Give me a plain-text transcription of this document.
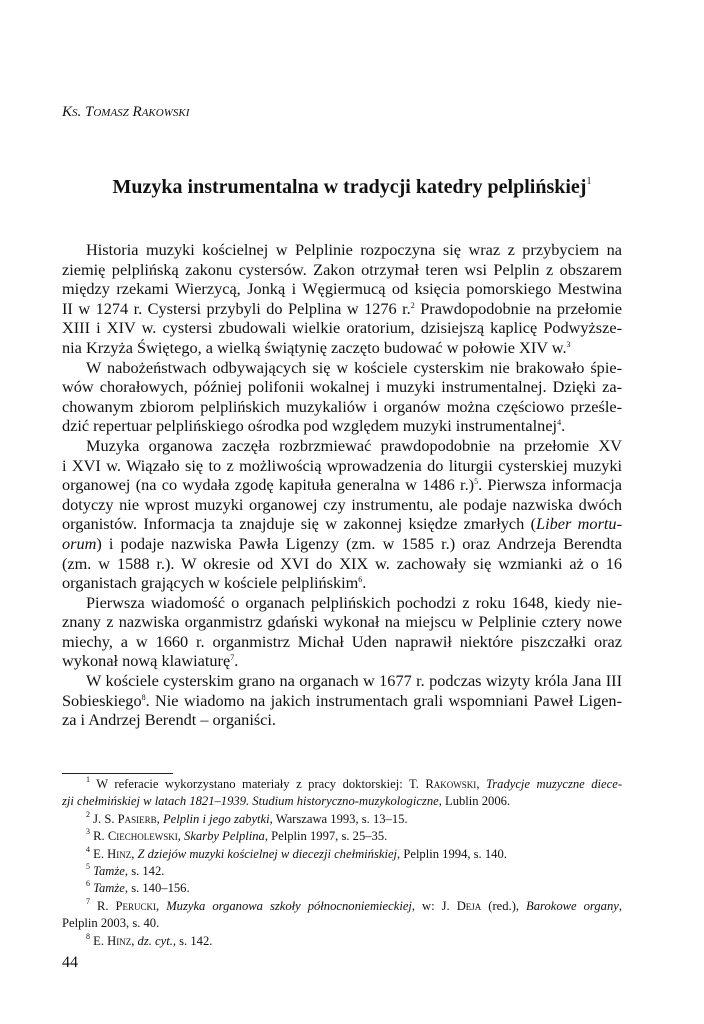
Ks. Tomasz Rakowski
Muzyka instrumentalna w tradycji katedry pelplińskiej$^1$
Historia muzyki kościelnej w Pelplinie rozpoczyna się wraz z przybyciem na
ziemię pelplińską zakonu cystersów. Zakon otrzymał teren wsi Pelplin z obszarem
między rzekami Wierzycą, Jonką i Węgiermucą od księcia pomorskiego Mestwina
II w 1274 r. Cystersi przybyli do Pelplina w 1276 r.$^2$ Prawdopodobnie na przełomie
XIII i XIV w. cystersi zbudowali wielkie oratorium, dzisiejszą kaplicę Podwyższe-
nia Krzyża Świętego, a wielką świątynię zaczęto budować w połowie XIV w.$^3$
W nabożeństwach odbywających się w kościele cysterskim nie brakowało śpie-
wów chorałowych, później polifonii wokalnej i muzyki instrumentalnej. Dzięki za-
chowanym zbiorom pelplińskich muzykaliów i organów można częściowo prześle-
dzić repertuar pelplińskiego ośrodka pod względem muzyki instrumentalnej$^4$.
Muzyka organowa zaczęła rozbrzmiewać prawdopodobnie na przełomie XV
i XVI w. Wiązało się to z możliwością wprowadzenia do liturgii cysterskiej muzyki
organowej (na co wydała zgodę kapituła generalna w 1486 r.)$^5$. Pierwsza informacja
dotyczy nie wprost muzyki organowej czy instrumentu, ale podaje nazwiska dwóch
organistów. Informacja ta znajduje się w zakonnej księdze zmarłych (Liber mortu-
orum) i podaje nazwiska Pawła Ligenzy (zm. w 1585 r.) oraz Andrzeja Berendta
(zm. w 1588 r.). W okresie od XVI do XIX w. zachowały się wzmianki aż o 16
organistach grających w kościele pelplińskim$^6$.
Pierwsza wiadomość o organach pelplińskich pochodzi z roku 1648, kiedy nie-
znany z nazwiska organmistrz gdański wykonał na miejscu w Pelplinie cztery nowe
miechy, a w 1660 r. organmistrz Michał Uden naprawił niektóre piszczałki oraz
wykonał nową klawiaturę$^7$.
W kościele cysterskim grano na organach w 1677 r. podczas wizyty króla Jana III
Sobieskiego$^8$. Nie wiadomo na jakich instrumentach grali wspomniani Paweł Ligen-
za i Andrzej Berendt – organiści.
$^1$ W referacie wykorzystano materiały z pracy doktorskiej: T. Rakowski, Tradycje muzyczne diece-
zji chełmińskiej w latach 1821–1939. Studium historyczno-muzykologiczne, Lublin 2006.
$^2$ J. S. Pasierb, Pelplin i jego zabytki, Warszawa 1993, s. 13–15.
$^3$ R. Ciecholewski, Skarby Pelplina, Pelplin 1997, s. 25–35.
$^4$ E. Hinz, Z dziejów muzyki kościelnej w diecezji chełmińskiej, Pelplin 1994, s. 140.
$^5$ Tamże, s. 142.
$^6$ Tamże, s. 140–156.
$^7$ R. Perucki, Muzyka organowa szkoły północnoniemieckiej, w: J. Deja (red.), Barokowe organy,
Pelplin 2003, s. 40.
$^8$ E. Hinz, dz. cyt., s. 142.
44
